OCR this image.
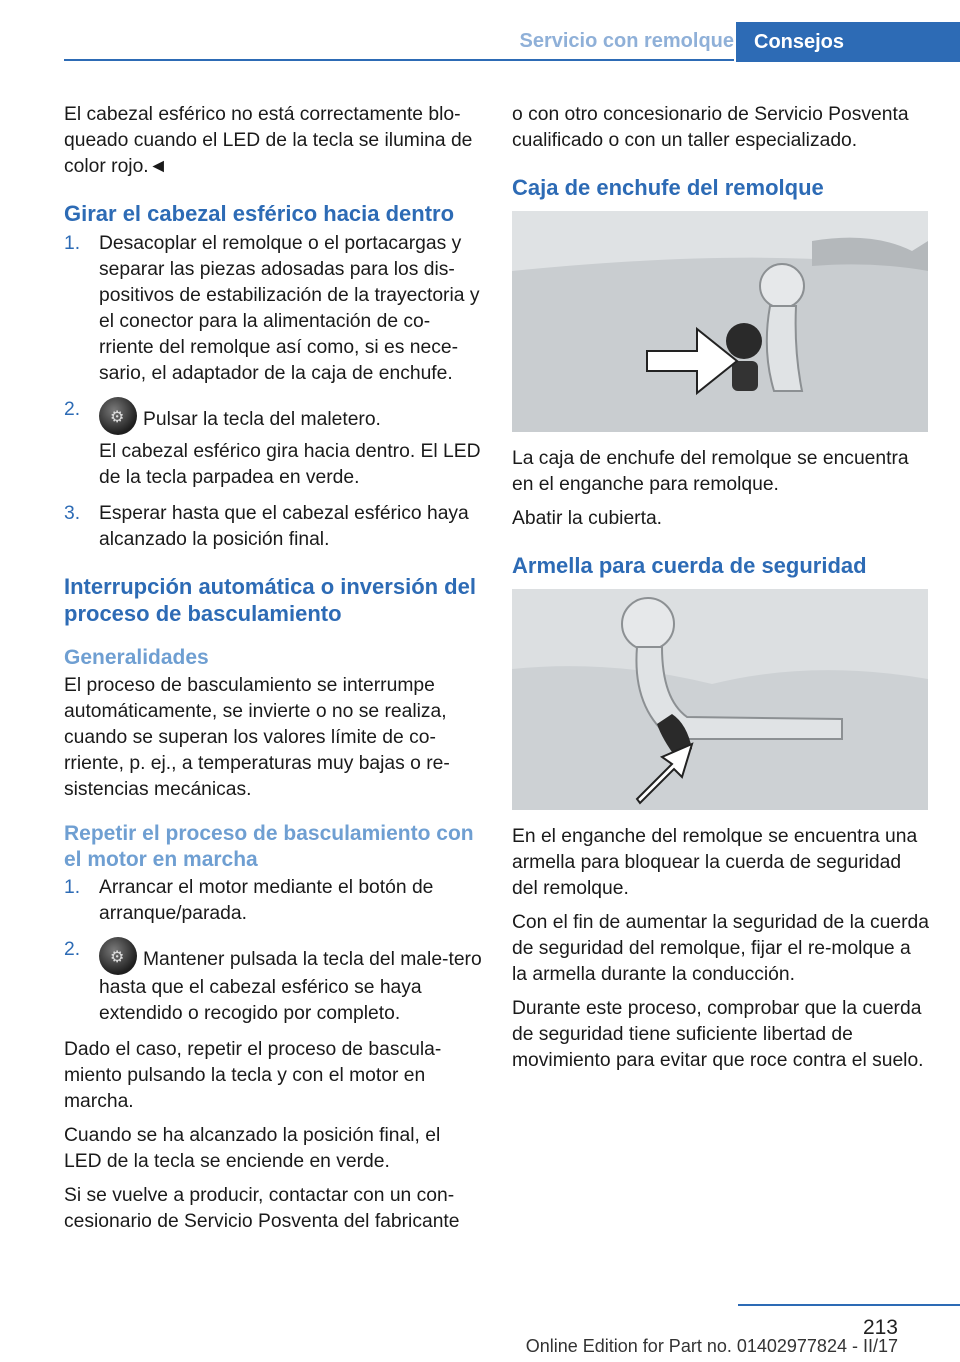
Servicio con remolque	Consejos

El cabezal esférico no está correctamente blo-queado cuando el LED de la tecla se ilumina de color rojo.◄

Girar el cabezal esférico hacia dentro
1. Desacoplar el remolque o el portacargas y separar las piezas adosadas para los dis-positivos de estabilización de la trayectoria y el conector para la alimentación de co-rriente del remolque así como, si es nece-sario, el adaptador de la caja de enchufe.

2. ⚙ Pulsar la tecla del maletero.

El cabezal esférico gira hacia dentro. El LED de la tecla parpadea en verde.

3. Esperar hasta que el cabezal esférico haya alcanzado la posición final.

Interrupción automática o inversión del proceso de basculamiento
Generalidades

El proceso de basculamiento se interrumpe automáticamente, se invierte o no se realiza, cuando se superan los valores límite de co-rriente, p. ej., a temperaturas muy bajas o re-sistencias mecánicas.

Repetir el proceso de basculamiento con el motor en marcha
1. Arrancar el motor mediante el botón de arranque/parada.

2. ⚙ Mantener pulsada la tecla del male-tero hasta que el cabezal esférico se haya extendido o recogido por completo.

Dado el caso, repetir el proceso de bascula-miento pulsando la tecla y con el motor en marcha.

Cuando se ha alcanzado la posición final, el LED de la tecla se enciende en verde.

Si se vuelve a producir, contactar con un con-cesionario de Servicio Posventa del fabricante

o con otro concesionario de Servicio Posventa cualificado o con un taller especializado.

Caja de enchufe del remolque

La caja de enchufe del remolque se encuentra en el enganche para remolque.

Abatir la cubierta.

Armella para cuerda de seguridad

En el enganche del remolque se encuentra una armella para bloquear la cuerda de seguridad del remolque.

Con el fin de aumentar la seguridad de la cuerda de seguridad del remolque, fijar el re-molque a la armella durante la conducción.

Durante este proceso, comprobar que la cuerda de seguridad tiene suficiente libertad de movimiento para evitar que roce contra el suelo.

213
Online Edition for Part no. 01402977824 - II/17
